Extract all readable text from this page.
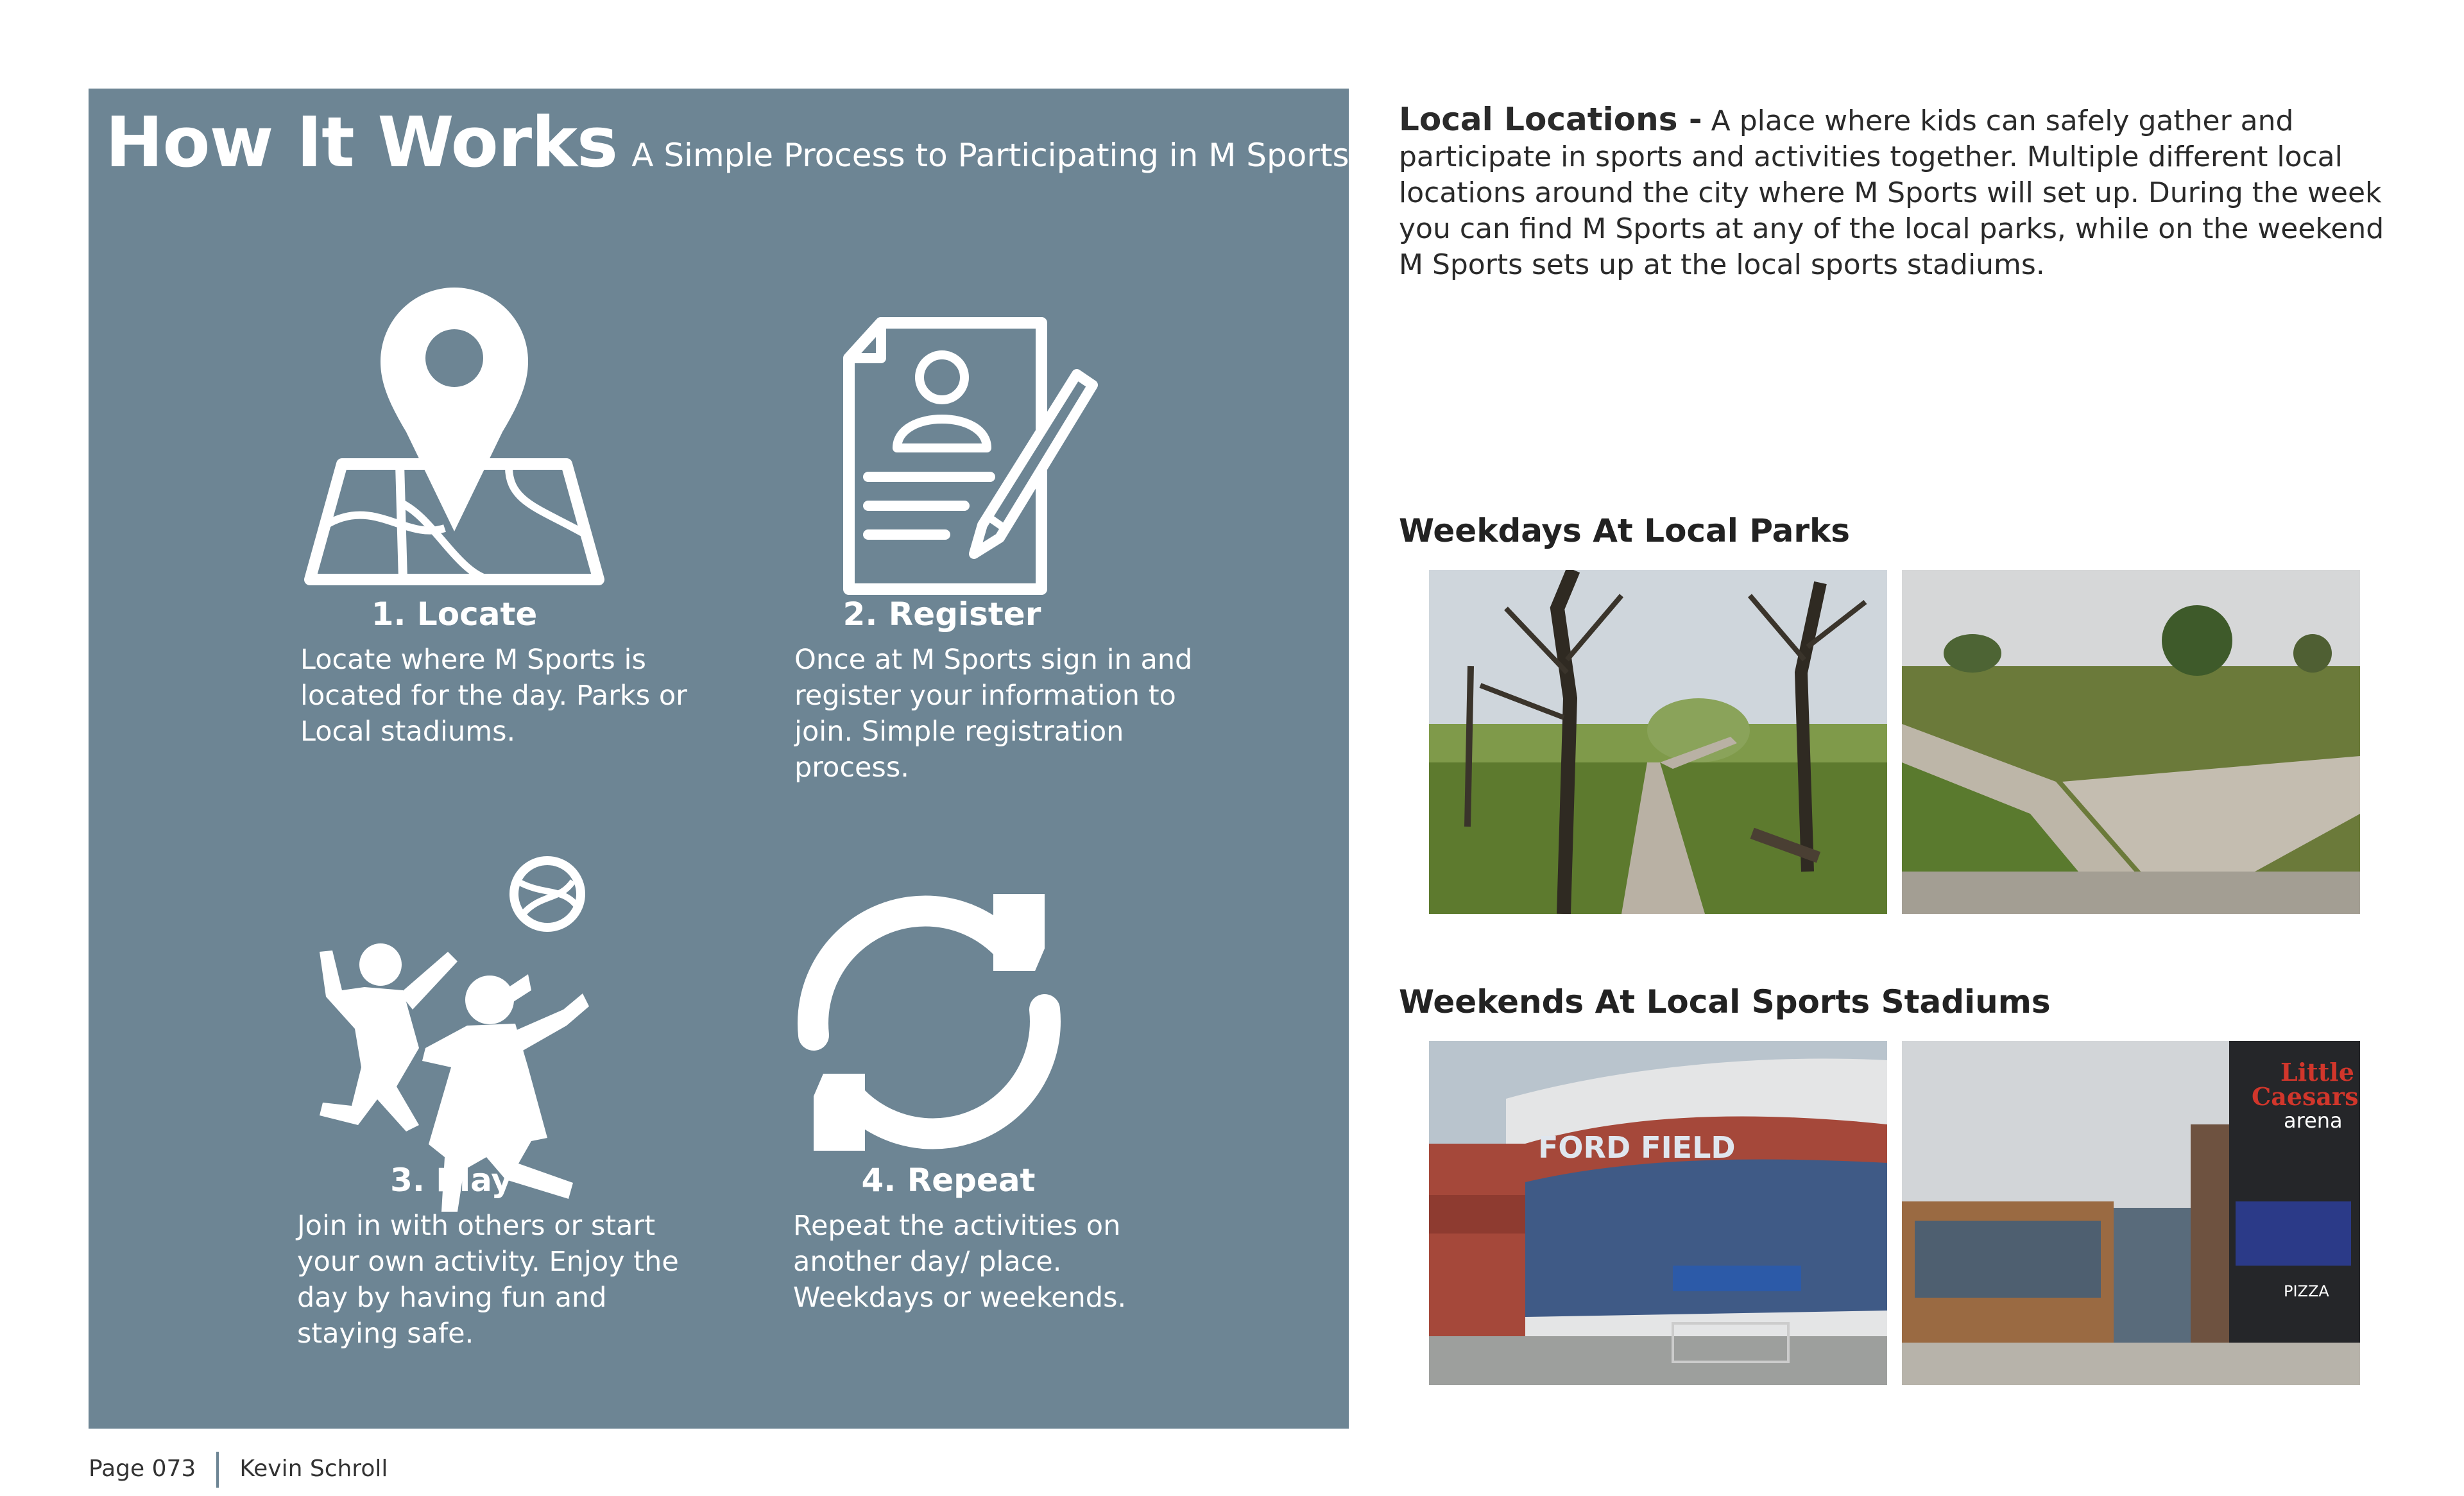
How It Works A Simple Process to Participating in M Sports
1. Locate
Locate where M Sports is located for the day. Parks or Local stadiums.
2. Register
Once at M Sports sign in and register your information to join. Simple registration process.
3. Play
Join in with others or start your own activity. Enjoy the day by having fun and staying safe.
4. Repeat
Repeat the activities on another day/ place. Weekdays or weekends.
Local Locations - A place where kids can safely gather and participate in sports and activities together. Multiple different local locations around the city where M Sports will set up. During the week you can find M Sports at any of the local parks, while on the weekend M Sports sets up at the local sports stadiums.
Weekdays At Local Parks
Weekends At Local Sports Stadiums
FORD FIELD
Little
Caesars
arena
PIZZA
Page 073 Kevin Schroll
